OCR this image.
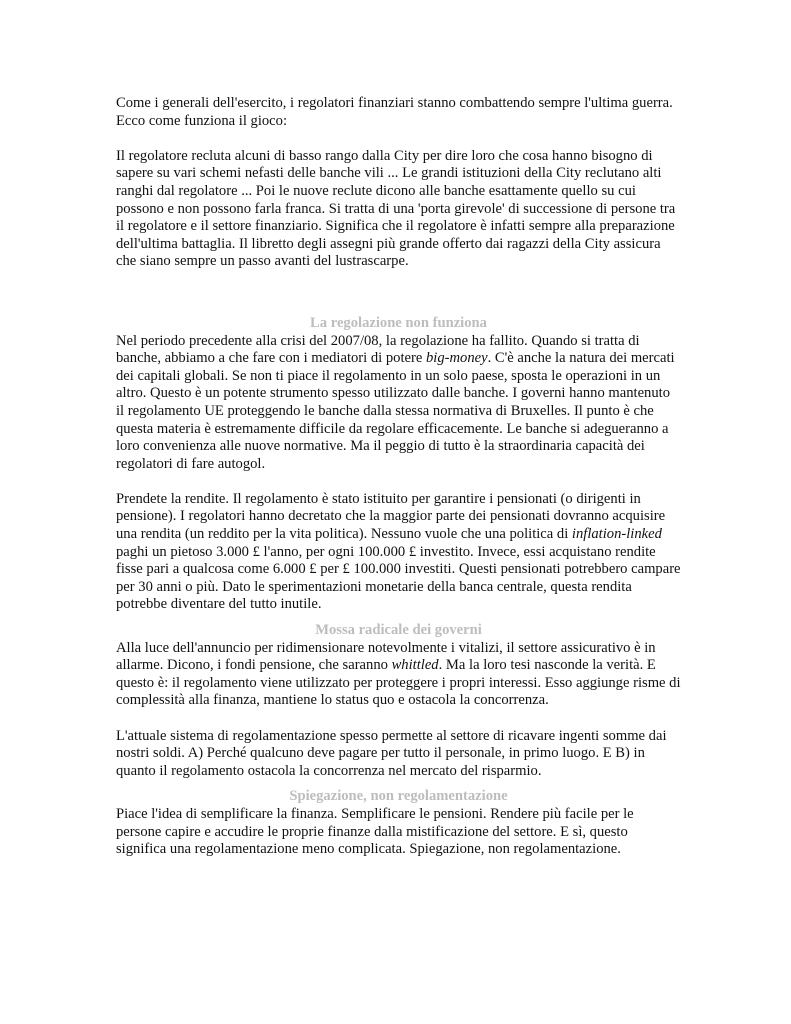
Come i generali dell'esercito, i regolatori finanziari stanno combattendo sempre l'ultima guerra. Ecco come funziona il gioco:

Il regolatore recluta alcuni di basso rango dalla City per dire loro che cosa hanno bisogno di sapere su vari schemi nefasti delle banche vili ... Le grandi istituzioni della City reclutano alti ranghi dal regolatore ... Poi le nuove reclute dicono alle banche esattamente quello su cui possono e non possono farla franca. Si tratta di una 'porta girevole' di successione di persone tra il regolatore e il settore finanziario. Significa che il regolatore è infatti sempre alla preparazione dell'ultima battaglia. Il libretto degli assegni più grande offerto dai ragazzi della City assicura che siano sempre un passo avanti del lustrascarpe.

La regolazione non funziona

Nel periodo precedente alla crisi del 2007/08, la regolazione ha fallito. Quando si tratta di banche, abbiamo a che fare con i mediatori di potere big-money. C'è anche la natura dei mercati dei capitali globali. Se non ti piace il regolamento in un solo paese, sposta le operazioni in un altro. Questo è un potente strumento spesso utilizzato dalle banche. I governi hanno mantenuto il regolamento UE proteggendo le banche dalla stessa normativa di Bruxelles. Il punto è che questa materia è estremamente difficile da regolare efficacemente. Le banche si adegueranno a loro convenienza alle nuove normative. Ma il peggio di tutto è la straordinaria capacità dei regolatori di fare autogol.

Prendete la rendite. Il regolamento è stato istituito per garantire i pensionati (o dirigenti in pensione). I regolatori hanno decretato che la maggior parte dei pensionati dovranno acquisire una rendita (un reddito per la vita politica). Nessuno vuole che una politica di inflation-linked paghi un pietoso 3.000 £ l'anno, per ogni 100.000 £ investito. Invece, essi acquistano rendite fisse pari a qualcosa come 6.000 £ per £ 100.000 investiti. Questi pensionati potrebbero campare per 30 anni o più. Dato le sperimentazioni monetarie della banca centrale, questa rendita potrebbe diventare del tutto inutile.

Mossa radicale dei governi

Alla luce dell'annuncio per ridimensionare notevolmente i vitalizi, il settore assicurativo è in allarme. Dicono, i fondi pensione, che saranno whittled. Ma la loro tesi nasconde la verità. E questo è: il regolamento viene utilizzato per proteggere i propri interessi. Esso aggiunge risme di complessità alla finanza, mantiene lo status quo e ostacola la concorrenza.

L'attuale sistema di regolamentazione spesso permette al settore di ricavare ingenti somme dai nostri soldi. A) Perché qualcuno deve pagare per tutto il personale, in primo luogo. E B) in quanto il regolamento ostacola la concorrenza nel mercato del risparmio.

Spiegazione, non regolamentazione

Piace l'idea di semplificare la finanza. Semplificare le pensioni. Rendere più facile per le persone capire e accudire le proprie finanze dalla mistificazione del settore. E sì, questo significa una regolamentazione meno complicata. Spiegazione, non regolamentazione.
